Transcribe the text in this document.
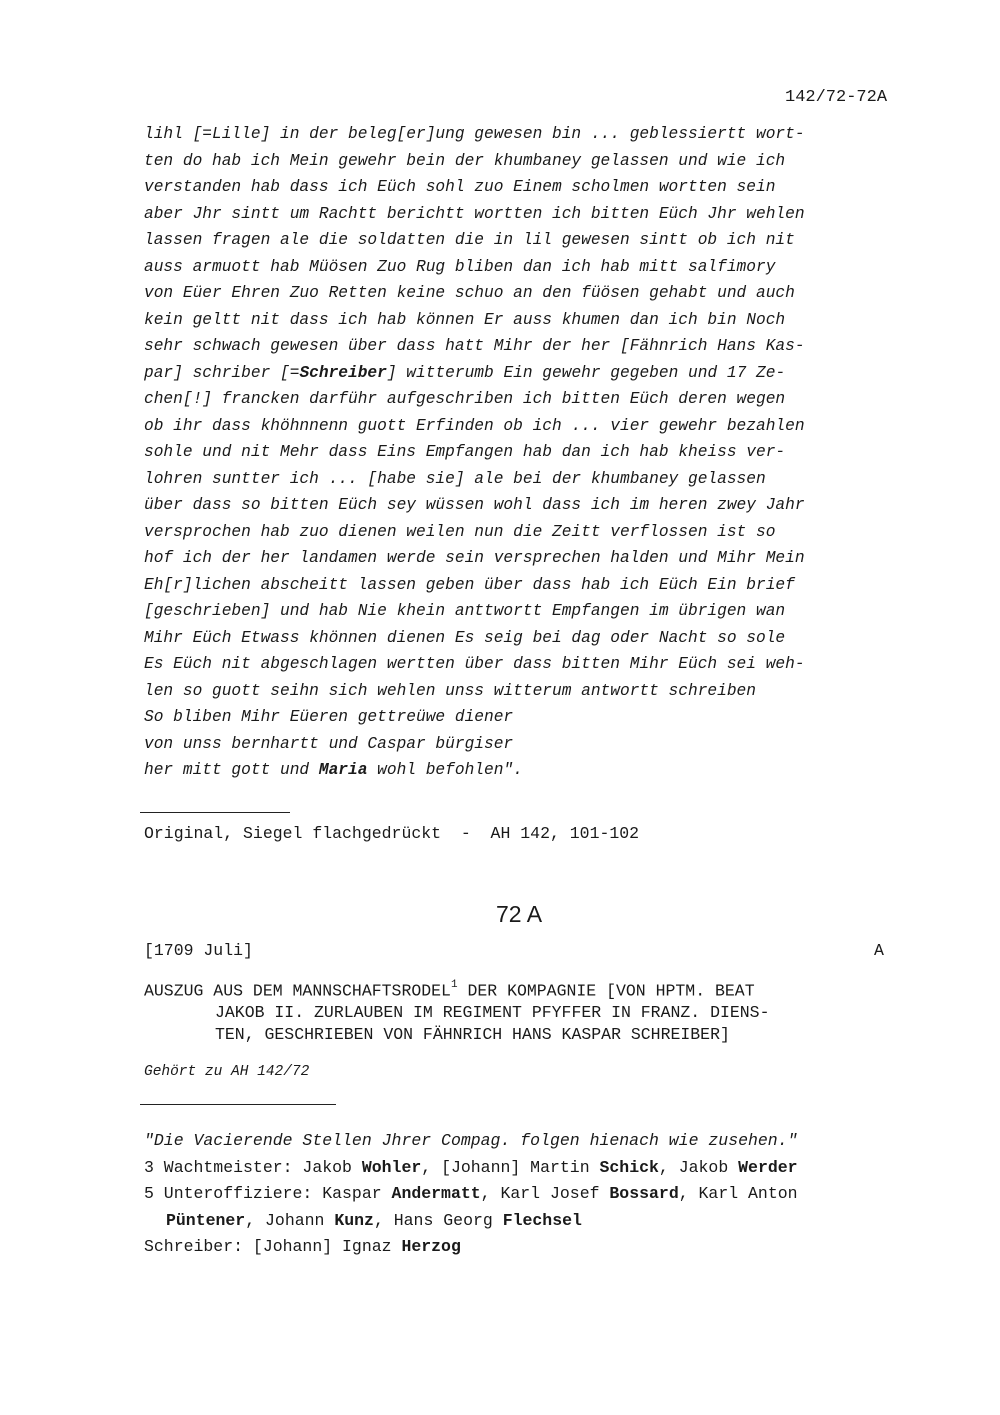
142/72-72A
lihl [=Lille] in der beleg[er]ung gewesen bin ... geblessiertt wort-
ten do hab ich Mein gewehr bein der khumbaney gelassen und wie ich
verstanden hab dass ich Eüch sohl zuo Einem scholmen wortten sein
aber Jhr sintt um Rachtt berichtt wortten ich bitten Eüch Jhr wehlen
lassen fragen ale die soldatten die in lil gewesen sintt ob ich nit
auss armuott hab Müösen Zuo Rug bliben dan ich hab mitt salfimory
von Eüer Ehren Zuo Retten keine schuo an den füösen gehabt und auch
kein geltt nit dass ich hab können Er auss khumen dan ich bin Noch
sehr schwach gewesen über dass hatt Mihr der her [Fähnrich Hans Kas-
par] schriber [=Schreiber] witterumb Ein gewehr gegeben und 17 Ze-
chen[!] francken darführ aufgeschriben ich bitten Eüch deren wegen
ob ihr dass khöhnnenn guott Erfinden ob ich ... vier gewehr bezahlen
sohle und nit Mehr dass Eins Empfangen hab dan ich hab kheiss ver-
lohren suntter ich ... [habe sie] ale bei der khumbaney gelassen
über dass so bitten Eüch sey wüssen wohl dass ich im heren zwey Jahr
versprochen hab zuo dienen weilen nun die Zeitt verflossen ist so
hof ich der her landamen werde sein versprechen halden und Mihr Mein
Eh[r]lichen abscheitt lassen geben über dass hab ich Eüch Ein brief
[geschrieben] und hab Nie khein anttwortt Empfangen im übrigen wan
Mihr Eüch Etwass khönnen dienen Es seig bei dag oder Nacht so sole
Es Eüch nit abgeschlagen wertten über dass bitten Mihr Eüch sei weh-
len so guott seihn sich wehlen unss witterum antwortt schreiben
So bliben Mihr Eüeren gettreüwe diener
von unss bernhartt und Caspar bürgiser
her mitt gott und Maria wohl befohlen".
Original, Siegel flachgedrückt  -  AH 142, 101-102
72 A
[1709 Juli]	A
AUSZUG AUS DEM MANNSCHAFTSRODEL$^1$ DER KOMPAGNIE [VON HPTM. BEAT
JAKOB II. ZURLAUBEN IM REGIMENT PFYFFER IN FRANZ. DIENS-
TEN, GESCHRIEBEN VON FÄHNRICH HANS KASPAR SCHREIBER]
Gehört zu AH 142/72
"Die Vacierende Stellen Jhrer Compag. folgen hienach wie zusehen."
3 Wachtmeister: Jakob Wohler, [Johann] Martin Schick, Jakob Werder
5 Unteroffiziere: Kaspar Andermatt, Karl Josef Bossard, Karl Anton
Püntener, Johann Kunz, Hans Georg Flechsel
Schreiber: [Johann] Ignaz Herzog
